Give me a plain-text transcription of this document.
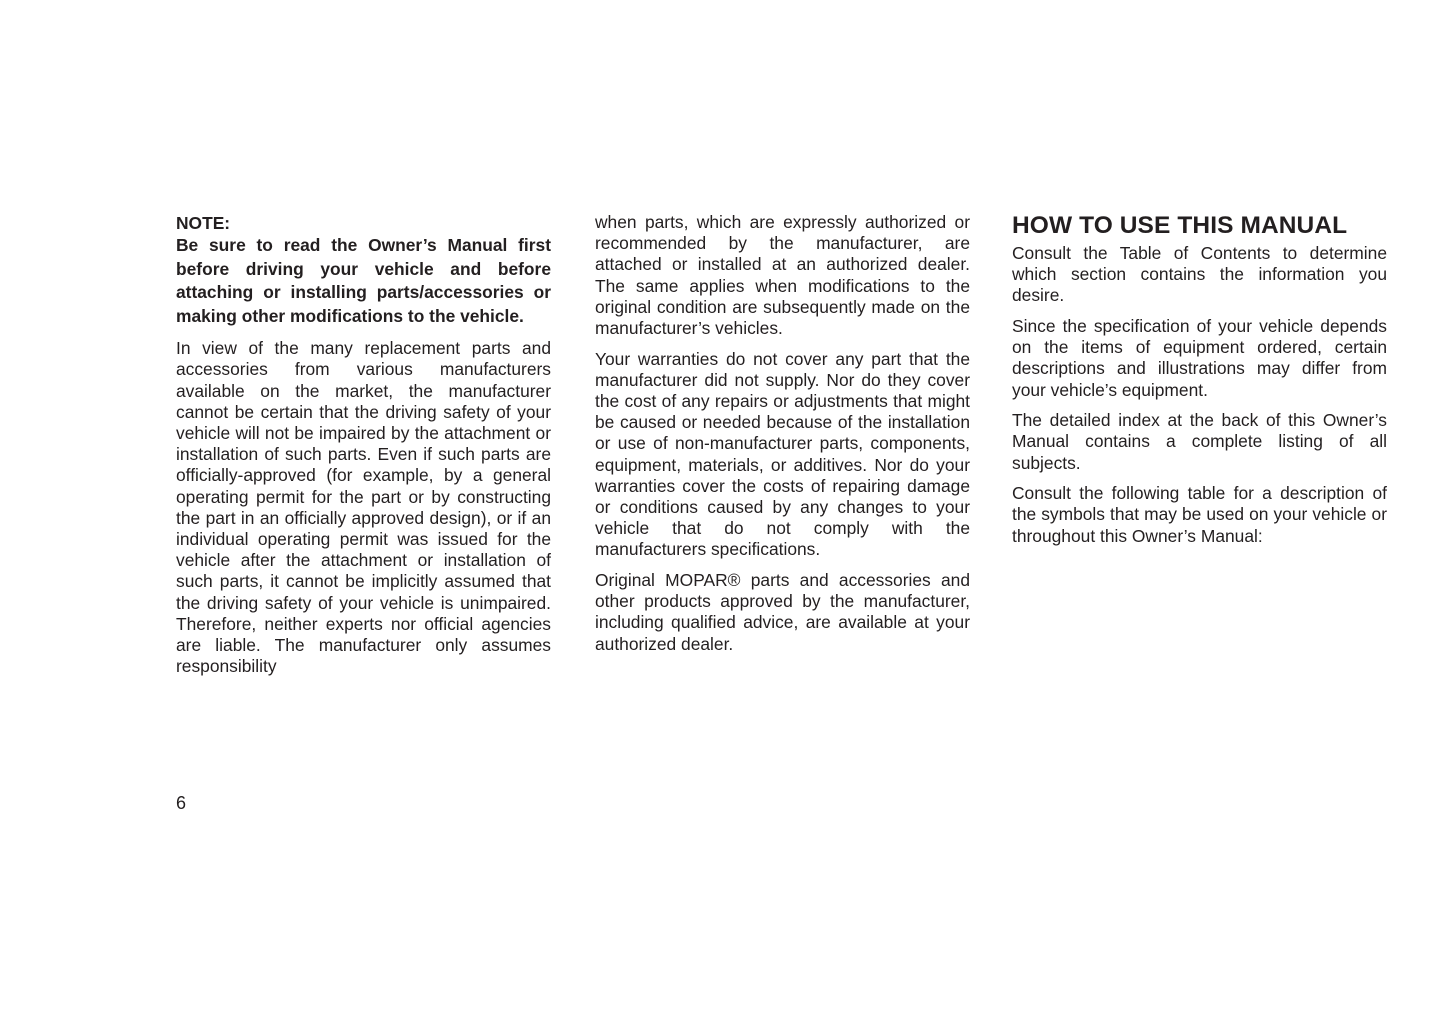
NOTE:

Be sure to read the Owner’s Manual first before driving your vehicle and before attaching or installing parts/accessories or making other modifications to the vehicle.

In view of the many replacement parts and accessories from various manufacturers available on the market, the manufacturer cannot be certain that the driving safety of your vehicle will not be impaired by the attachment or installation of such parts. Even if such parts are officially-approved (for example, by a general operating permit for the part or by constructing the part in an officially approved design), or if an individual operating permit was issued for the vehicle after the attachment or installation of such parts, it cannot be implicitly assumed that the driving safety of your vehicle is unimpaired. Therefore, neither experts nor official agencies are liable. The manufacturer only assumes responsibility

when parts, which are expressly authorized or recommended by the manufacturer, are attached or installed at an authorized dealer. The same applies when modifications to the original condition are subsequently made on the manufacturer’s vehicles.

Your warranties do not cover any part that the manufacturer did not supply. Nor do they cover the cost of any repairs or adjustments that might be caused or needed because of the installation or use of non-manufacturer parts, components, equipment, materials, or additives. Nor do your warranties cover the costs of repairing damage or conditions caused by any changes to your vehicle that do not comply with the manufacturers specifications.

Original MOPAR® parts and accessories and other products approved by the manufacturer, including qualified advice, are available at your authorized dealer.

HOW TO USE THIS MANUAL

Consult the Table of Contents to determine which section contains the information you desire.

Since the specification of your vehicle depends on the items of equipment ordered, certain descriptions and illustrations may differ from your vehicle’s equipment.

The detailed index at the back of this Owner’s Manual contains a complete listing of all subjects.

Consult the following table for a description of the symbols that may be used on your vehicle or throughout this Owner’s Manual:

6
